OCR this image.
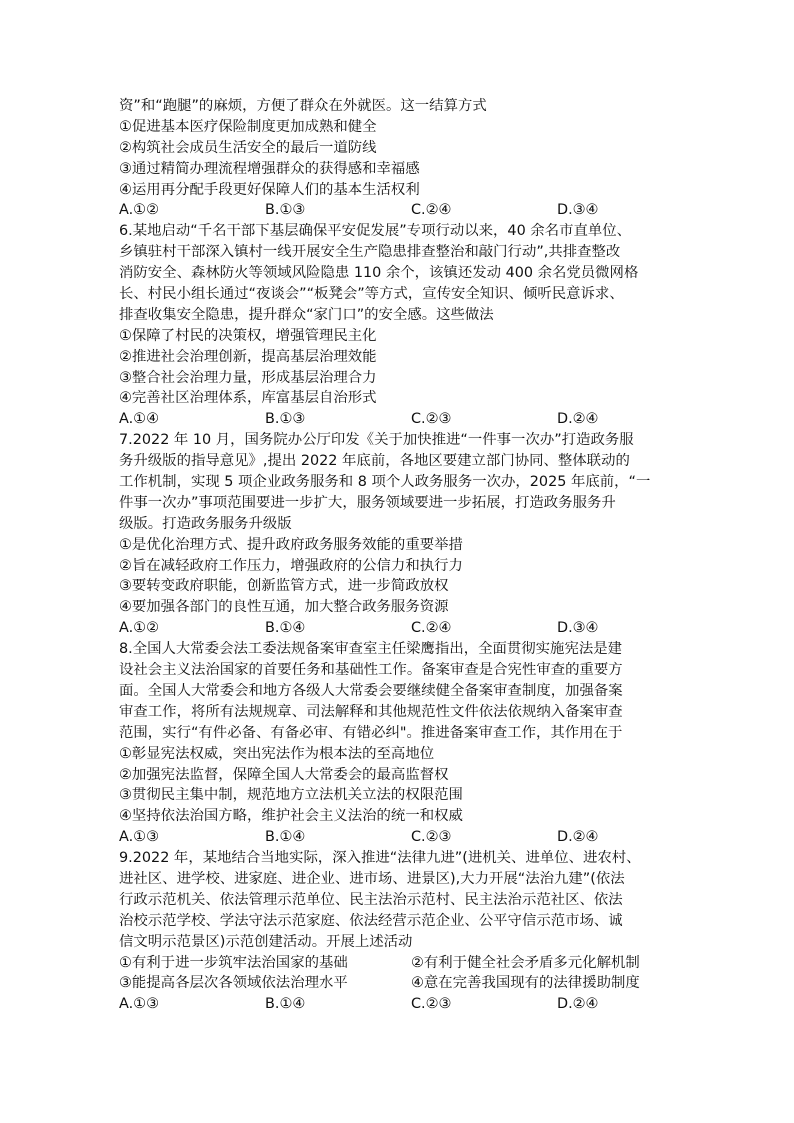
资”和“跑腿”的麻烦，方便了群众在外就医。这一结算方式
①促进基本医疗保险制度更加成熟和健全
②构筑社会成员生活安全的最后一道防线
③通过精简办理流程增强群众的获得感和幸福感
④运用再分配手段更好保障人们的基本生活权利
A.①②	B.①③	C.②④	D.③④
6.某地启动“千名干部下基层确保平安促发展”专项行动以来，40 余名市直单位、
乡镇驻村干部深入镇村一线开展安全生产隐患排查整治和敲门行动”,共排查整改
消防安全、森林防火等领域风险隐患 110 余个，该镇还发动 400 余名党员微网格
长、村民小组长通过“夜谈会”“板凳会”等方式，宣传安全知识、倾听民意诉求、
排查收集安全隐患，提升群众“家门口”的安全感。这些做法
①保障了村民的决策权，增强管理民主化
②推进社会治理创新，提高基层治理效能
③整合社会治理力量，形成基层治理合力
④完善社区治理体系，库富基层自治形式
A.①④	B.①③	C.②③	D.②④
7.2022 年 10 月，国务院办公厅印发《关于加快推进“一件事一次办”打造政务服
务升级版的指导意见》,提出 2022 年底前，各地区要建立部门协同、整体联动的
工作机制，实现 5 项企业政务服务和 8 项个人政务服务一次办，2025 年底前，“一
件事一次办”事项范围要进一步扩大，服务领域要进一步拓展，打造政务服务升
级版。打造政务服务升级版
①是优化治理方式、提升政府政务服务效能的重要举措
②旨在减轻政府工作压力，增强政府的公信力和执行力
③要转变政府职能，创新监管方式，进一步简政放权
④要加强各部门的良性互通，加大整合政务服务资源
A.①②	B.①④	C.②④	D.③④
8.全国人大常委会法工委法规备案审查室主任梁鹰指出，全面贯彻实施宪法是建
设社会主义法治国家的首要任务和基础性工作。备案审查是合宪性审查的重要方
面。全国人大常委会和地方各级人大常委会要继续健全备案审查制度，加强备案
审查工作，将所有法规规章、司法解释和其他规范性文件依法依规纳入备案审查
范围，实行“有件必备、有备必审、有错必纠"。推进备案审查工作，其作用在于
①彰显宪法权威，突出宪法作为根本法的至高地位
②加强宪法监督，保障全国人大常委会的最高监督权
③贯彻民主集中制，规范地方立法机关立法的权限范围
④坚持依法治国方略，维护社会主义法治的统一和权威
A.①③	B.①④	C.②③	D.②④
9.2022 年，某地结合当地实际，深入推进“法律九进”(进机关、进单位、进农村、
进社区、进学校、进家庭、进企业、进市场、进景区),大力开展“法治九建”(依法
行政示范机关、依法管理示范单位、民主法治示范村、民主法治示范社区、依法
治校示范学校、学法守法示范家庭、依法经营示范企业、公平守信示范市场、诚
信文明示范景区)示范创建活动。开展上述活动
①有利于进一步筑牢法治国家的基础	②有利于健全社会矛盾多元化解机制
③能提高各层次各领域依法治理水平	④意在完善我国现有的法律援助制度
A.①③	B.①④	C.②③	D.②④
